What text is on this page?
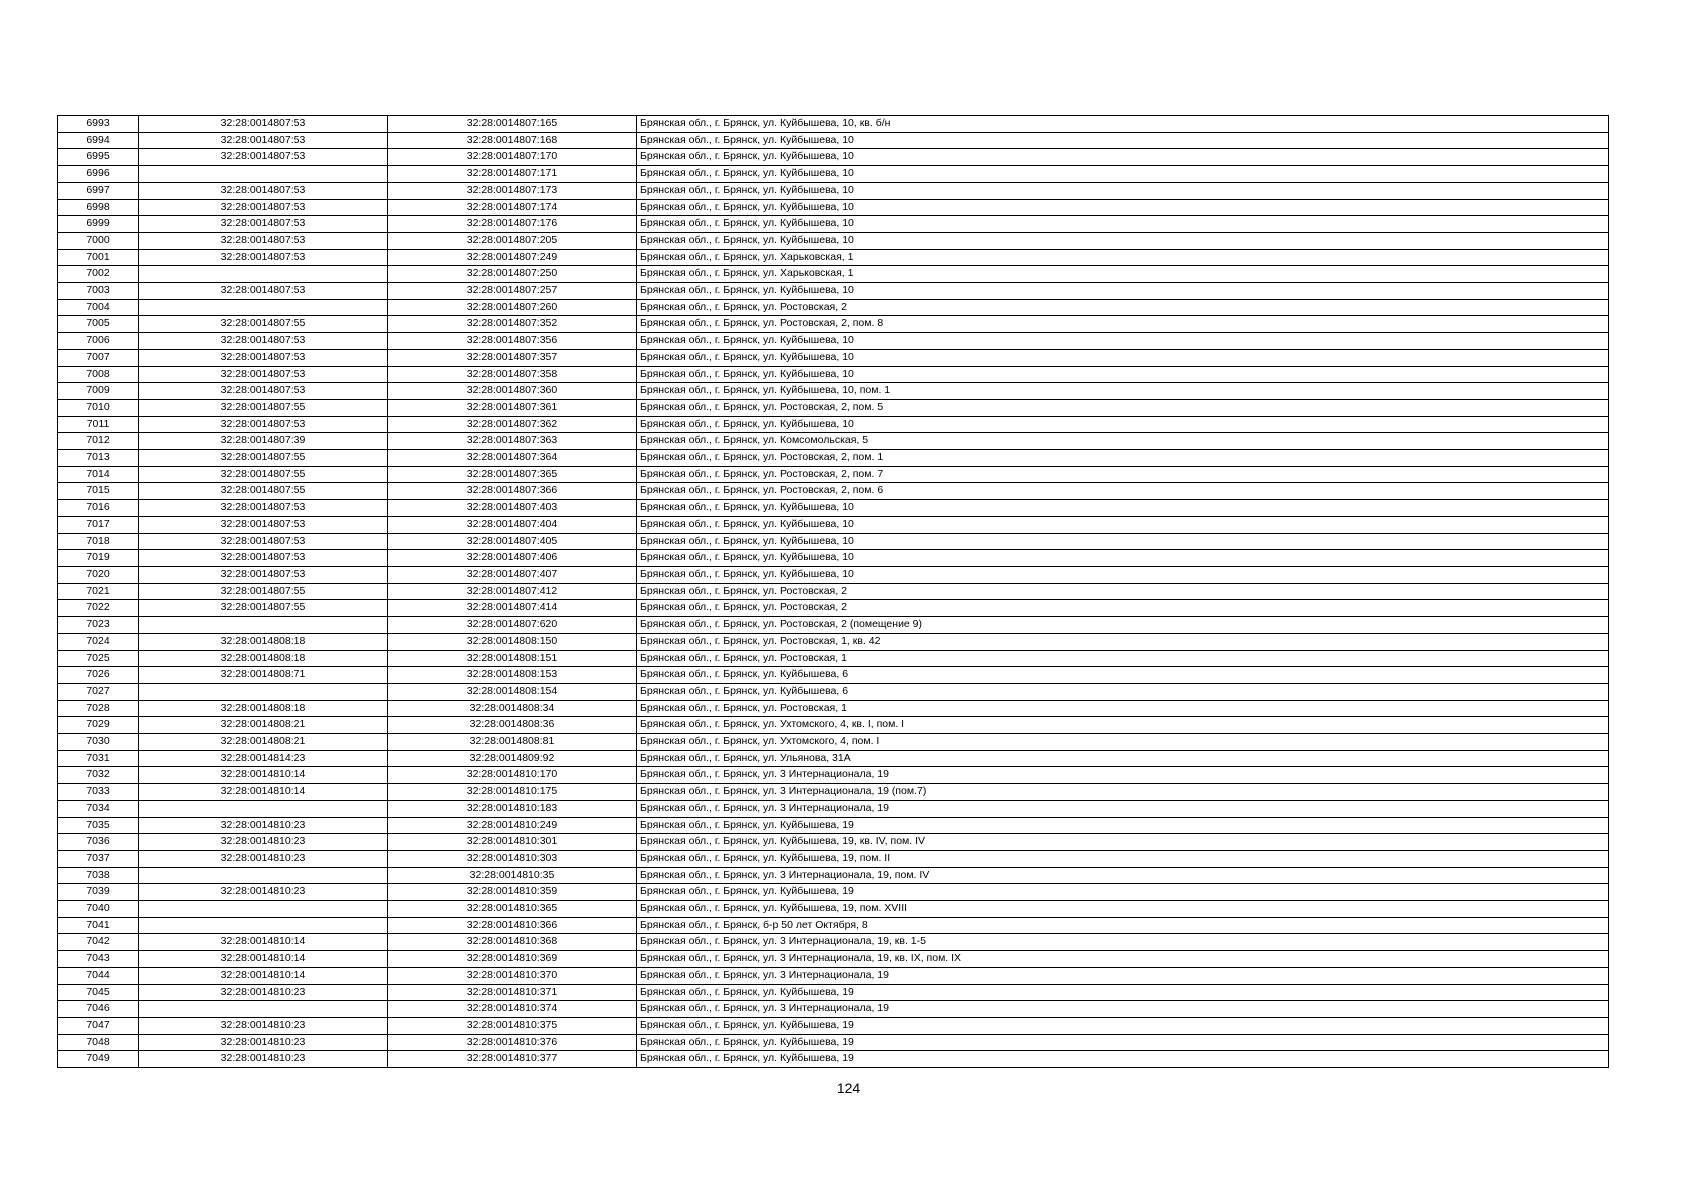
6993	32:28:0014807:53	32:28:0014807:165	Брянская обл., г. Брянск, ул. Куйбышева, 10, кв. б/н
6994	32:28:0014807:53	32:28:0014807:168	Брянская обл., г. Брянск, ул. Куйбышева, 10
6995	32:28:0014807:53	32:28:0014807:170	Брянская обл., г. Брянск, ул. Куйбышева, 10
6996		32:28:0014807:171	Брянская обл., г. Брянск, ул. Куйбышева, 10
6997	32:28:0014807:53	32:28:0014807:173	Брянская обл., г. Брянск, ул. Куйбышева, 10
6998	32:28:0014807:53	32:28:0014807:174	Брянская обл., г. Брянск, ул. Куйбышева, 10
6999	32:28:0014807:53	32:28:0014807:176	Брянская обл., г. Брянск, ул. Куйбышева, 10
7000	32:28:0014807:53	32:28:0014807:205	Брянская обл., г. Брянск, ул. Куйбышева, 10
7001	32:28:0014807:53	32:28:0014807:249	Брянская обл., г. Брянск, ул. Харьковская, 1
7002		32:28:0014807:250	Брянская обл., г. Брянск, ул. Харьковская, 1
7003	32:28:0014807:53	32:28:0014807:257	Брянская обл., г. Брянск, ул. Куйбышева, 10
7004		32:28:0014807:260	Брянская обл., г. Брянск, ул. Ростовская, 2
7005	32:28:0014807:55	32:28:0014807:352	Брянская обл., г. Брянск, ул. Ростовская, 2, пом. 8
7006	32:28:0014807:53	32:28:0014807:356	Брянская обл., г. Брянск, ул. Куйбышева, 10
7007	32:28:0014807:53	32:28:0014807:357	Брянская обл., г. Брянск, ул. Куйбышева, 10
7008	32:28:0014807:53	32:28:0014807:358	Брянская обл., г. Брянск, ул. Куйбышева, 10
7009	32:28:0014807:53	32:28:0014807:360	Брянская обл., г. Брянск, ул. Куйбышева, 10, пом. 1
7010	32:28:0014807:55	32:28:0014807:361	Брянская обл., г. Брянск, ул. Ростовская, 2, пом. 5
7011	32:28:0014807:53	32:28:0014807:362	Брянская обл., г. Брянск, ул. Куйбышева, 10
7012	32:28:0014807:39	32:28:0014807:363	Брянская обл., г. Брянск, ул. Комсомольская, 5
7013	32:28:0014807:55	32:28:0014807:364	Брянская обл., г. Брянск, ул. Ростовская, 2, пом. 1
7014	32:28:0014807:55	32:28:0014807:365	Брянская обл., г. Брянск, ул. Ростовская, 2, пом. 7
7015	32:28:0014807:55	32:28:0014807:366	Брянская обл., г. Брянск, ул. Ростовская, 2, пом. 6
7016	32:28:0014807:53	32:28:0014807:403	Брянская обл., г. Брянск, ул. Куйбышева, 10
7017	32:28:0014807:53	32:28:0014807:404	Брянская обл., г. Брянск, ул. Куйбышева, 10
7018	32:28:0014807:53	32:28:0014807:405	Брянская обл., г. Брянск, ул. Куйбышева, 10
7019	32:28:0014807:53	32:28:0014807:406	Брянская обл., г. Брянск, ул. Куйбышева, 10
7020	32:28:0014807:53	32:28:0014807:407	Брянская обл., г. Брянск, ул. Куйбышева, 10
7021	32:28:0014807:55	32:28:0014807:412	Брянская обл., г. Брянск, ул. Ростовская, 2
7022	32:28:0014807:55	32:28:0014807:414	Брянская обл., г. Брянск, ул. Ростовская, 2
7023		32:28:0014807:620	Брянская обл., г. Брянск, ул. Ростовская, 2 (помещение 9)
7024	32:28:0014808:18	32:28:0014808:150	Брянская обл., г. Брянск, ул. Ростовская, 1, кв. 42
7025	32:28:0014808:18	32:28:0014808:151	Брянская обл., г. Брянск, ул. Ростовская, 1
7026	32:28:0014808:71	32:28:0014808:153	Брянская обл., г. Брянск, ул. Куйбышева, 6
7027		32:28:0014808:154	Брянская обл., г. Брянск, ул. Куйбышева, 6
7028	32:28:0014808:18	32:28:0014808:34	Брянская обл., г. Брянск, ул. Ростовская, 1
7029	32:28:0014808:21	32:28:0014808:36	Брянская обл., г. Брянск, ул. Ухтомского, 4, кв. I, пом. I
7030	32:28:0014808:21	32:28:0014808:81	Брянская обл., г. Брянск, ул. Ухтомского, 4, пом. I
7031	32:28:0014814:23	32:28:0014809:92	Брянская обл., г. Брянск, ул. Ульянова, 31А
7032	32:28:0014810:14	32:28:0014810:170	Брянская обл., г. Брянск, ул. 3 Интернационала, 19
7033	32:28:0014810:14	32:28:0014810:175	Брянская обл., г. Брянск, ул. 3 Интернационала, 19 (пом.7)
7034		32:28:0014810:183	Брянская обл., г. Брянск, ул. 3 Интернационала, 19
7035	32:28:0014810:23	32:28:0014810:249	Брянская обл., г. Брянск, ул. Куйбышева, 19
7036	32:28:0014810:23	32:28:0014810:301	Брянская обл., г. Брянск, ул. Куйбышева, 19, кв. IV, пом. IV
7037	32:28:0014810:23	32:28:0014810:303	Брянская обл., г. Брянск, ул. Куйбышева, 19, пом. II
7038		32:28:0014810:35	Брянская обл., г. Брянск, ул. 3 Интернационала, 19, пом. IV
7039	32:28:0014810:23	32:28:0014810:359	Брянская обл., г. Брянск, ул. Куйбышева, 19
7040		32:28:0014810:365	Брянская обл., г. Брянск, ул. Куйбышева, 19, пом. XVIII
7041		32:28:0014810:366	Брянская обл., г. Брянск, б-р 50 лет Октября, 8
7042	32:28:0014810:14	32:28:0014810:368	Брянская обл., г. Брянск, ул. 3 Интернационала, 19, кв. 1-5
7043	32:28:0014810:14	32:28:0014810:369	Брянская обл., г. Брянск, ул. 3 Интернационала, 19, кв. IX, пом. IX
7044	32:28:0014810:14	32:28:0014810:370	Брянская обл., г. Брянск, ул. 3 Интернационала, 19
7045	32:28:0014810:23	32:28:0014810:371	Брянская обл., г. Брянск, ул. Куйбышева, 19
7046		32:28:0014810:374	Брянская обл., г. Брянск, ул. 3 Интернационала, 19
7047	32:28:0014810:23	32:28:0014810:375	Брянская обл., г. Брянск, ул. Куйбышева, 19
7048	32:28:0014810:23	32:28:0014810:376	Брянская обл., г. Брянск, ул. Куйбышева, 19
7049	32:28:0014810:23	32:28:0014810:377	Брянская обл., г. Брянск, ул. Куйбышева, 19
124
